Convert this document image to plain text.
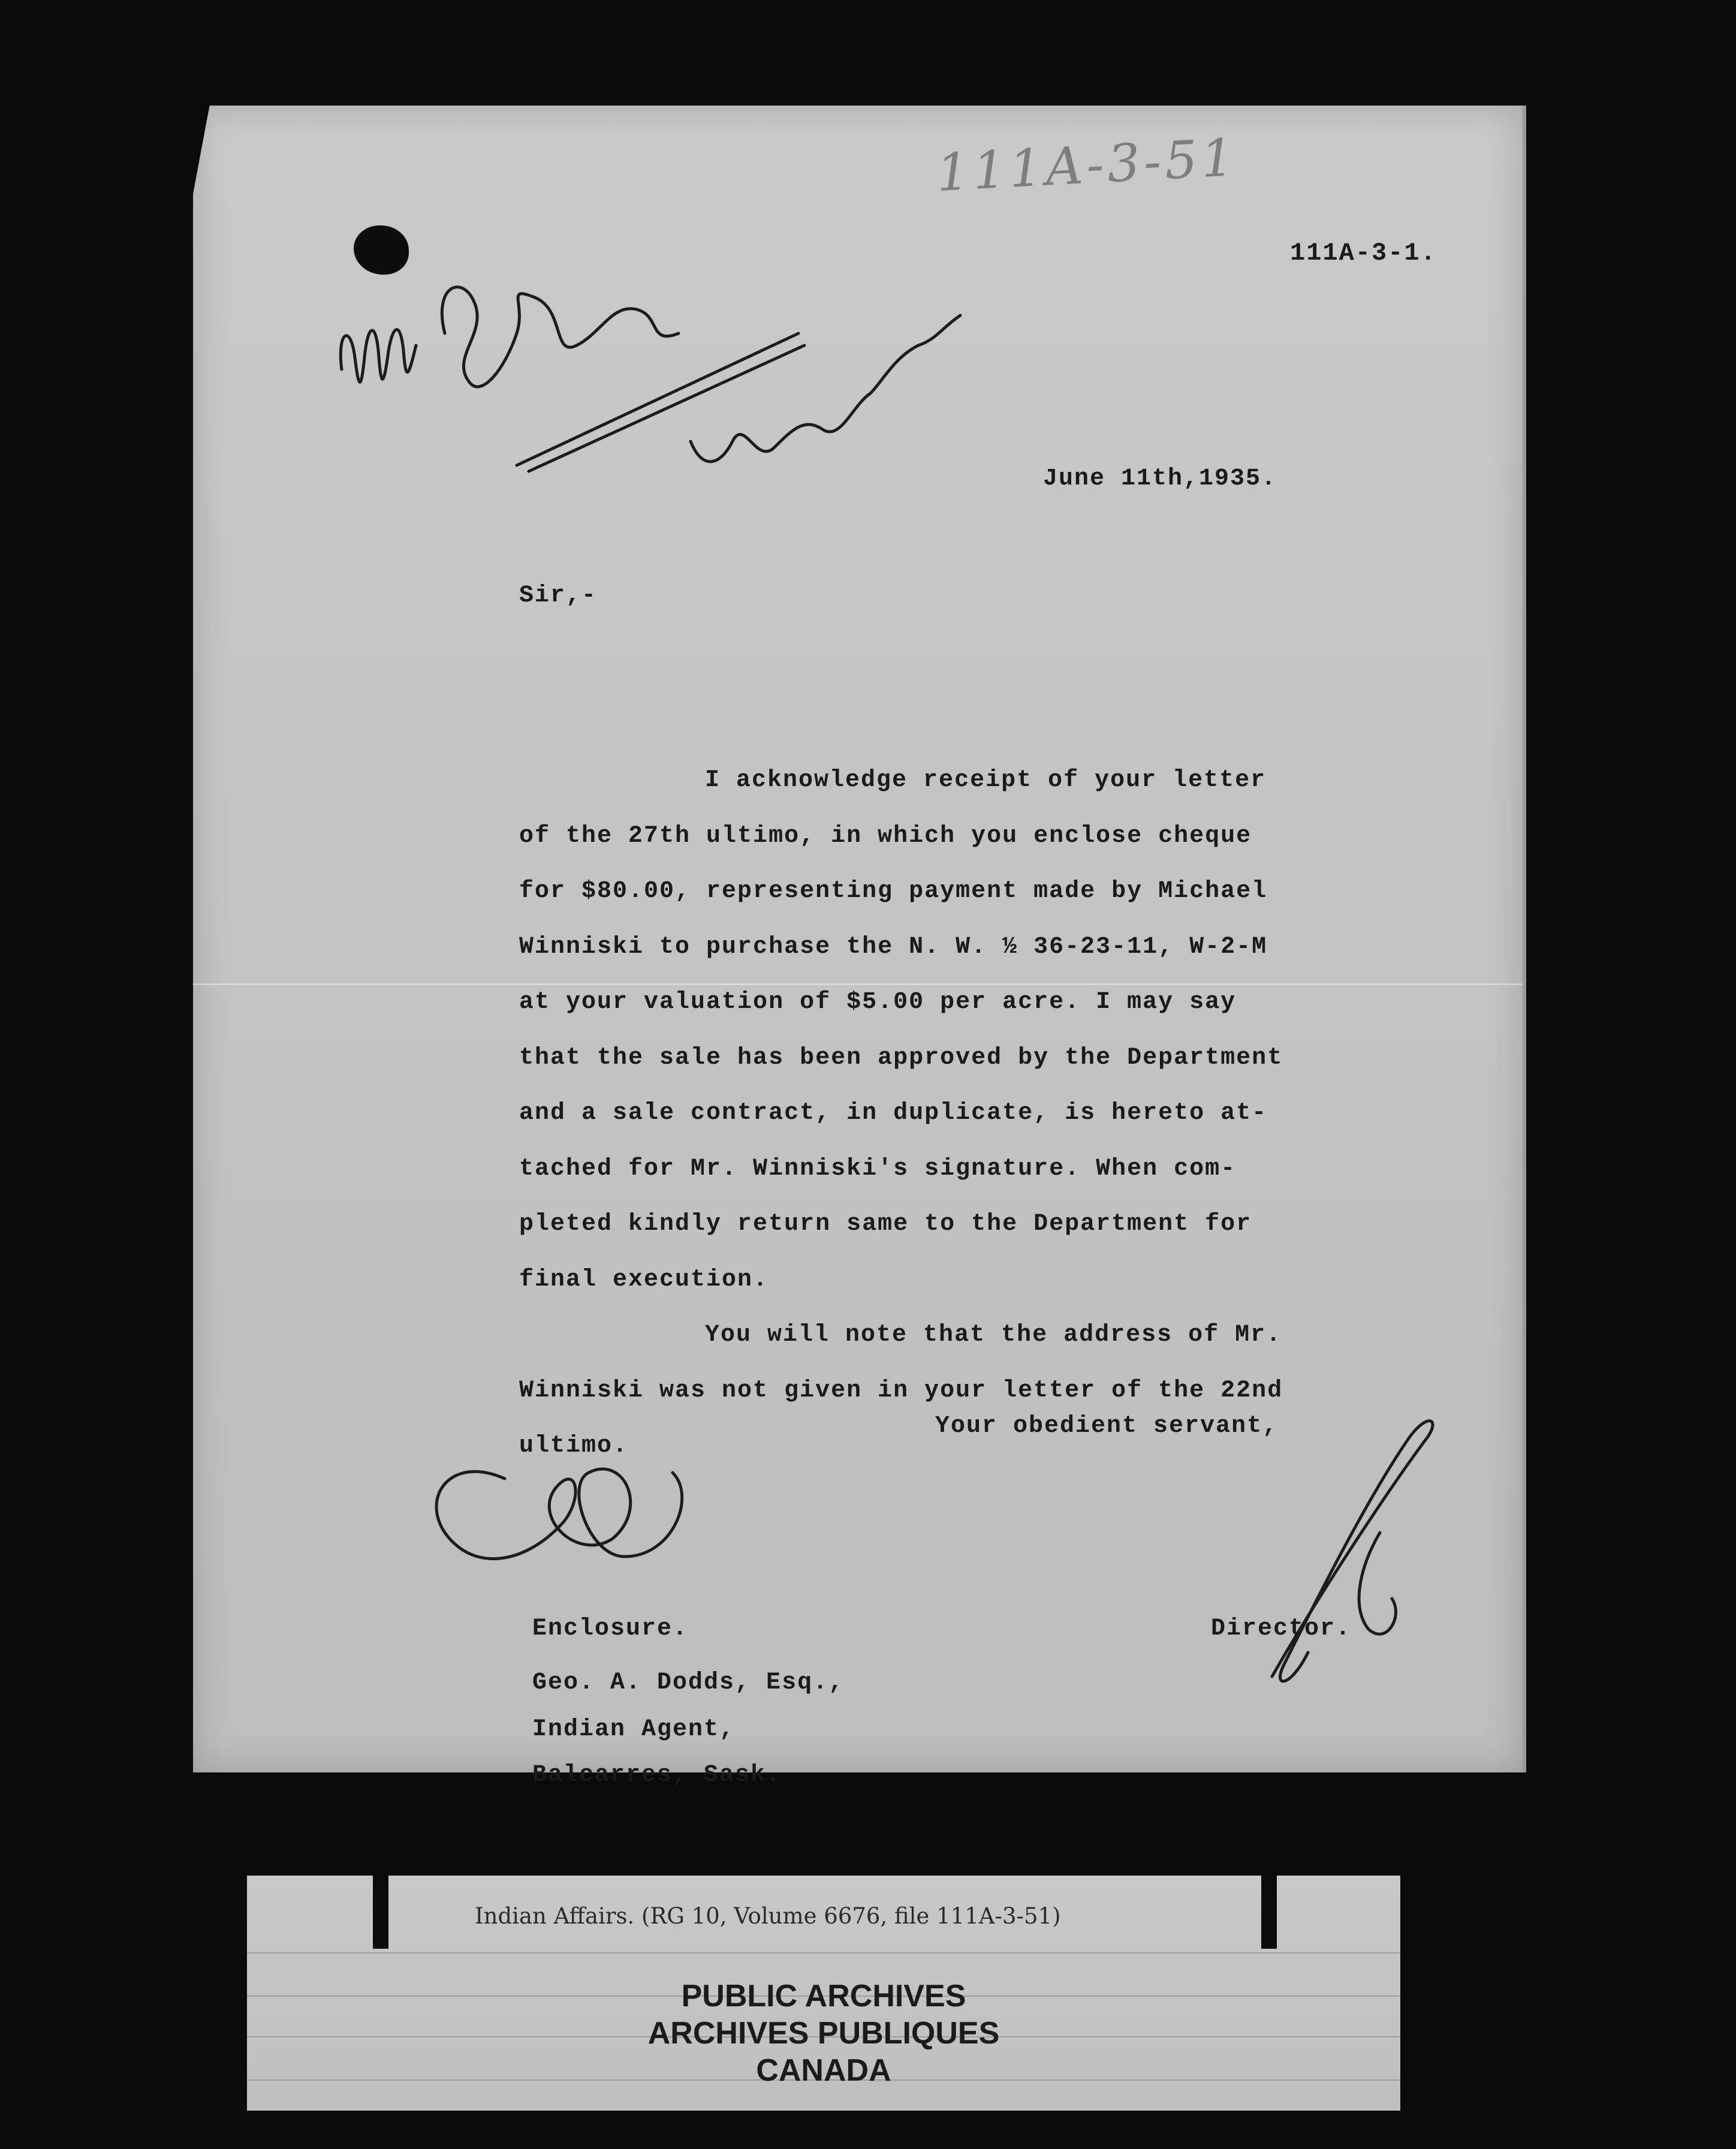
111A-3-51
111A-3-1.
June 11th,1935.
Sir,-
I acknowledge receipt of your letter
of the 27th ultimo, in which you enclose cheque
for $80.00, representing payment made by Michael
Winniski to purchase the N. W. ½ 36-23-11, W-2-M
at your valuation of $5.00 per acre. I may say
that the sale has been approved by the Department
and a sale contract, in duplicate, is hereto at-
tached for Mr. Winniski's signature. When com-
pleted kindly return same to the Department for
final execution.
You will note that the address of Mr.
Winniski was not given in your letter of the 22nd
ultimo.
Your obedient servant,
Enclosure.	Director.
Geo. A. Dodds, Esq.,
Indian Agent,
Balcarres, Sask.
Indian Affairs. (RG 10, Volume 6676, file 111A-3-51)
PUBLIC ARCHIVES
ARCHIVES PUBLIQUES
CANADA
